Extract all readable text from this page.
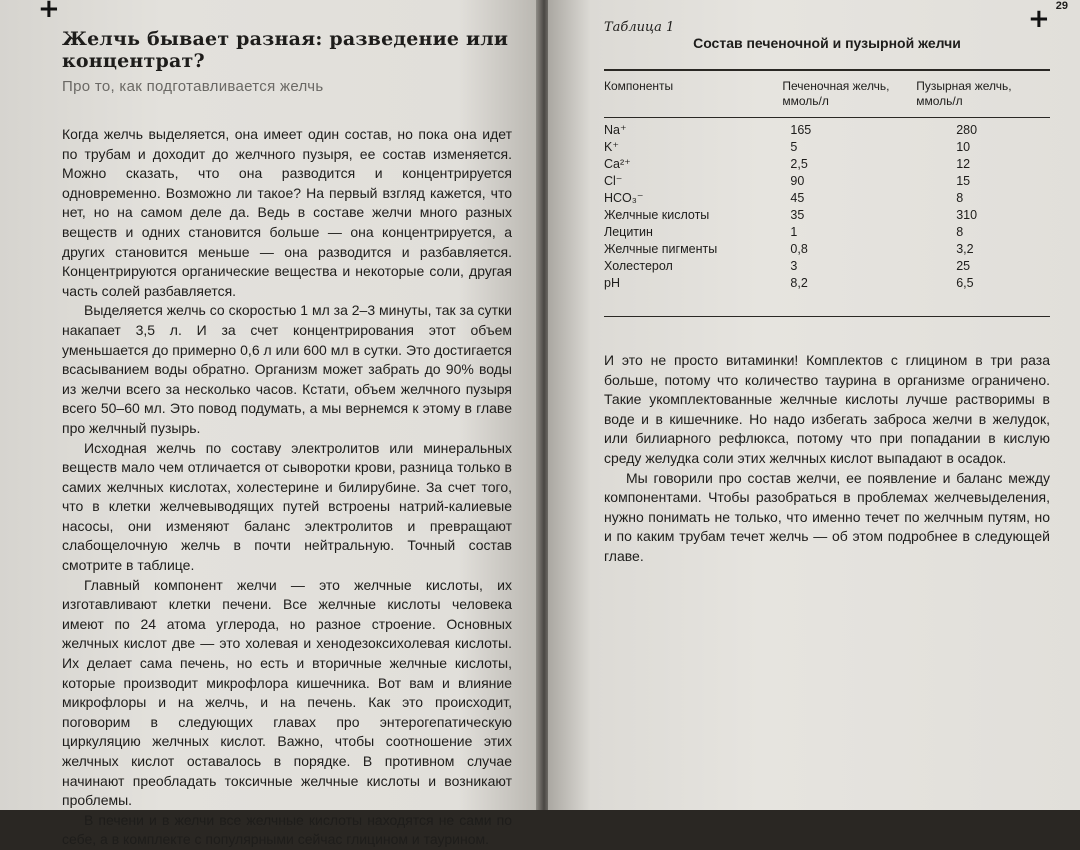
Желчь бывает разная: разведение или концентрат?
Про то, как подготавливается желчь

Когда желчь выделяется, она имеет один состав, но пока она идет по трубам и доходит до желчного пузыря, ее состав изменяется. Можно сказать, что она разводится и концентрируется одновременно. Возможно ли такое? На первый взгляд кажется, что нет, но на самом деле да. Ведь в составе желчи много разных веществ и одних становится больше — она концентрируется, а других становится меньше — она разводится и разбавляется. Концентрируются органические вещества и некоторые соли, другая часть солей разбавляется.

Выделяется желчь со скоростью 1 мл за 2–3 минуты, так за сутки накапает 3,5 л. И за счет концентрирования этот объем уменьшается до примерно 0,6 л или 600 мл в сутки. Это достигается всасыванием воды обратно. Организм может забрать до 90% воды из желчи всего за несколько часов. Кстати, объем желчного пузыря всего 50–60 мл. Это повод подумать, а мы вернемся к этому в главе про желчный пузырь.

Исходная желчь по составу электролитов или минеральных веществ мало чем отличается от сыворотки крови, разница только в самих желчных кислотах, холестерине и билирубине. За счет того, что в клетки желчевыводящих путей встроены натрий-калиевые насосы, они изменяют баланс электролитов и превращают слабощелочную желчь в почти нейтральную. Точный состав смотрите в таблице.

Главный компонент желчи — это желчные кислоты, их изготавливают клетки печени. Все желчные кислоты человека имеют по 24 атома углерода, но разное строение. Основных желчных кислот две — это холевая и хенодезоксихолевая кислоты. Их делает сама печень, но есть и вторичные желчные кислоты, которые производит микрофлора кишечника. Вот вам и влияние микрофлоры и на желчь, и на печень. Как это происходит, поговорим в следующих главах про энтерогепатическую циркуляцию желчных кислот. Важно, чтобы соотношение этих желчных кислот оставалось в порядке. В противном случае начинают преобладать токсичные желчные кислоты и возникают проблемы.

В печени и в желчи все желчные кислоты находятся не сами по себе, а в комплекте с популярными сейчас глицином и таурином.

29
Таблица 1
Состав печеночной и пузырной желчи
Компоненты	Печеночная желчь, ммоль/л	Пузырная желчь, ммоль/л

Na⁺	165	280
K⁺	5	10
Ca²⁺	2,5	12
Cl⁻	90	15
HCO₃⁻	45	8
Желчные кислоты	35	310
Лецитин	1	8
Желчные пигменты	0,8	3,2
Холестерол	3	25
pH	8,2	6,5

И это не просто витаминки! Комплектов с глицином в три раза больше, потому что количество таурина в организме ограничено. Такие укомплектованные желчные кислоты лучше растворимы в воде и в кишечнике. Но надо избегать заброса желчи в желудок, или билиарного рефлюкса, потому что при попадании в кислую среду желудка соли этих желчных кислот выпадают в осадок.

Мы говорили про состав желчи, ее появление и баланс между компонентами. Чтобы разобраться в проблемах желчевыделения, нужно понимать не только, что именно течет по желчным путям, но и по каким трубам течет желчь — об этом подробнее в следующей главе.

+	+
